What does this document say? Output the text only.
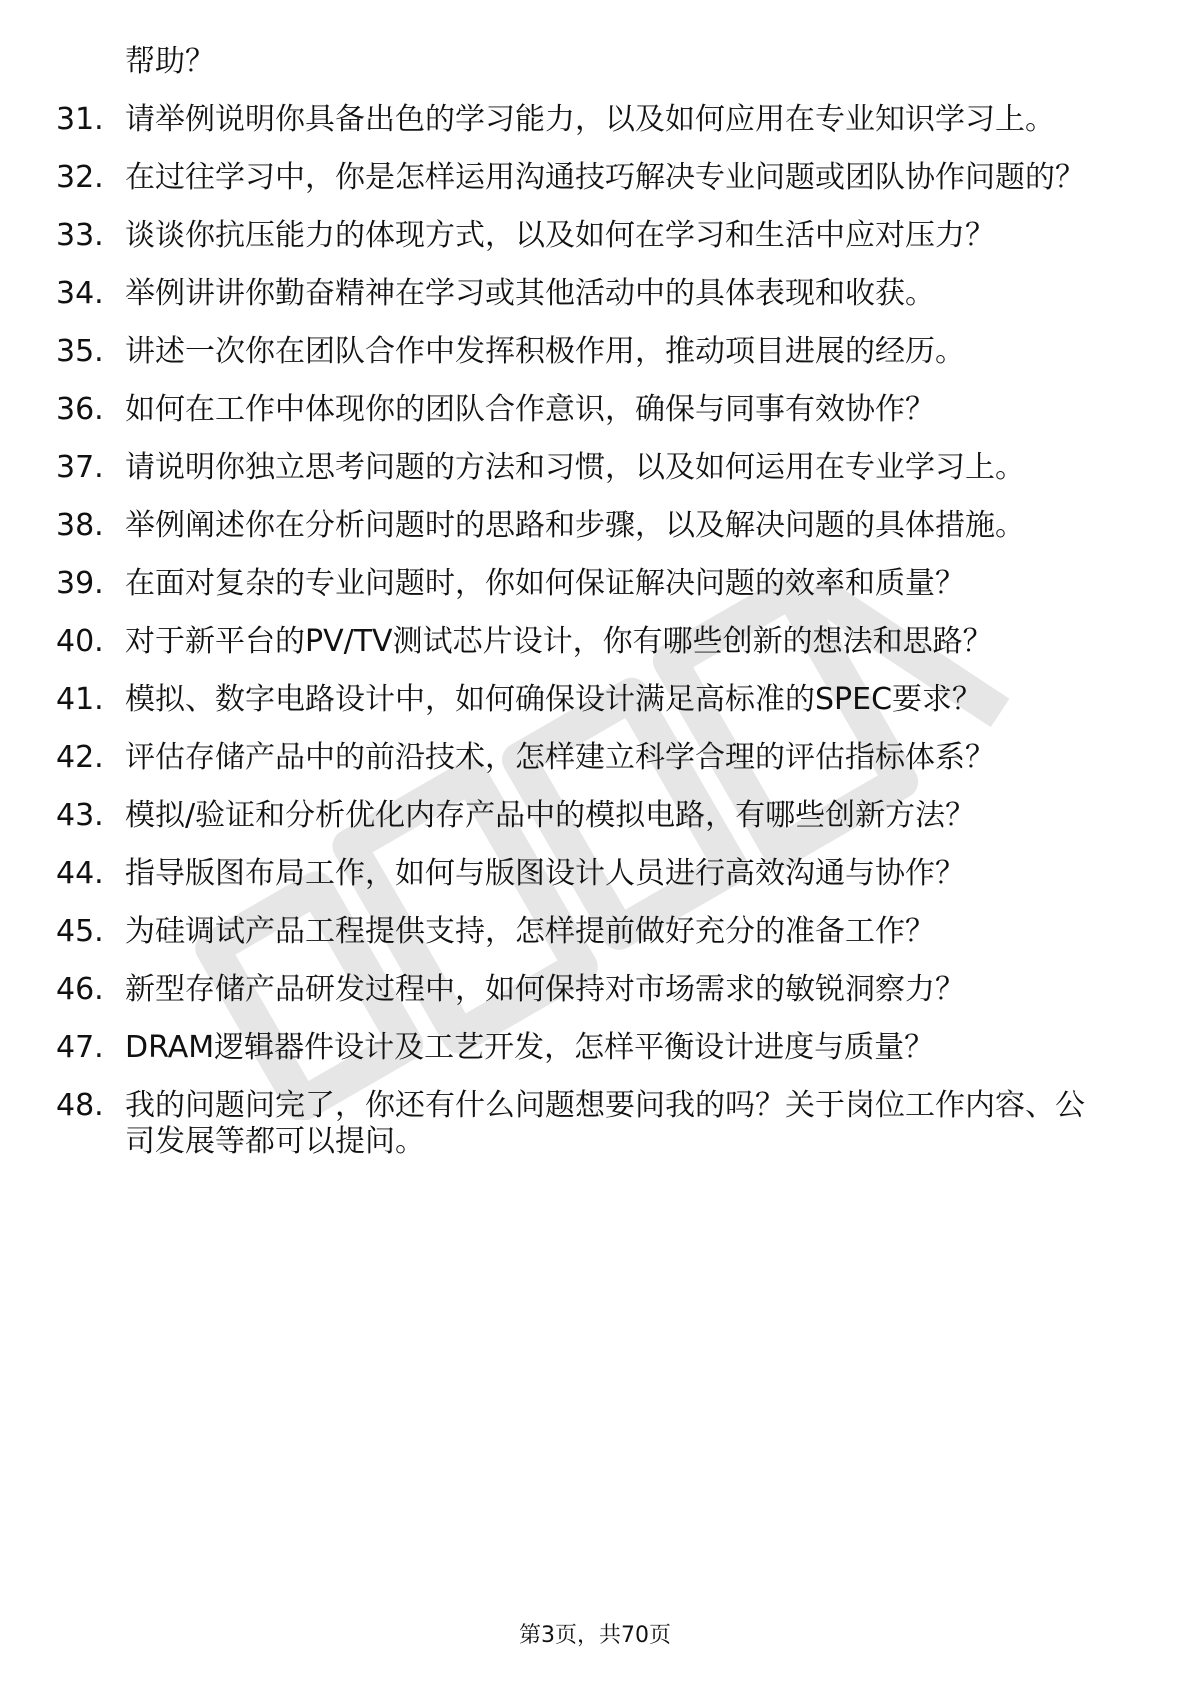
帮助？
31. 请举例说明你具备出色的学习能力，以及如何应用在专业知识学习上。
32. 在过往学习中，你是怎样运用沟通技巧解决专业问题或团队协作问题的？
33. 谈谈你抗压能力的体现方式，以及如何在学习和生活中应对压力？
34. 举例讲讲你勤奋精神在学习或其他活动中的具体表现和收获。
35. 讲述一次你在团队合作中发挥积极作用，推动项目进展的经历。
36. 如何在工作中体现你的团队合作意识，确保与同事有效协作？
37. 请说明你独立思考问题的方法和习惯，以及如何运用在专业学习上。
38. 举例阐述你在分析问题时的思路和步骤，以及解决问题的具体措施。
39. 在面对复杂的专业问题时，你如何保证解决问题的效率和质量？
40. 对于新平台的PV/TV测试芯片设计，你有哪些创新的想法和思路？
41. 模拟、数字电路设计中，如何确保设计满足高标准的SPEC要求？
42. 评估存储产品中的前沿技术，怎样建立科学合理的评估指标体系？
43. 模拟/验证和分析优化内存产品中的模拟电路，有哪些创新方法？
44. 指导版图布局工作，如何与版图设计人员进行高效沟通与协作？
45. 为硅调试产品工程提供支持，怎样提前做好充分的准备工作？
46. 新型存储产品研发过程中，如何保持对市场需求的敏锐洞察力？
47. DRAM逻辑器件设计及工艺开发，怎样平衡设计进度与质量？
48. 我的问题问完了，你还有什么问题想要问我的吗？关于岗位工作内容、公司发展等都可以提问。
第3页，共70页
